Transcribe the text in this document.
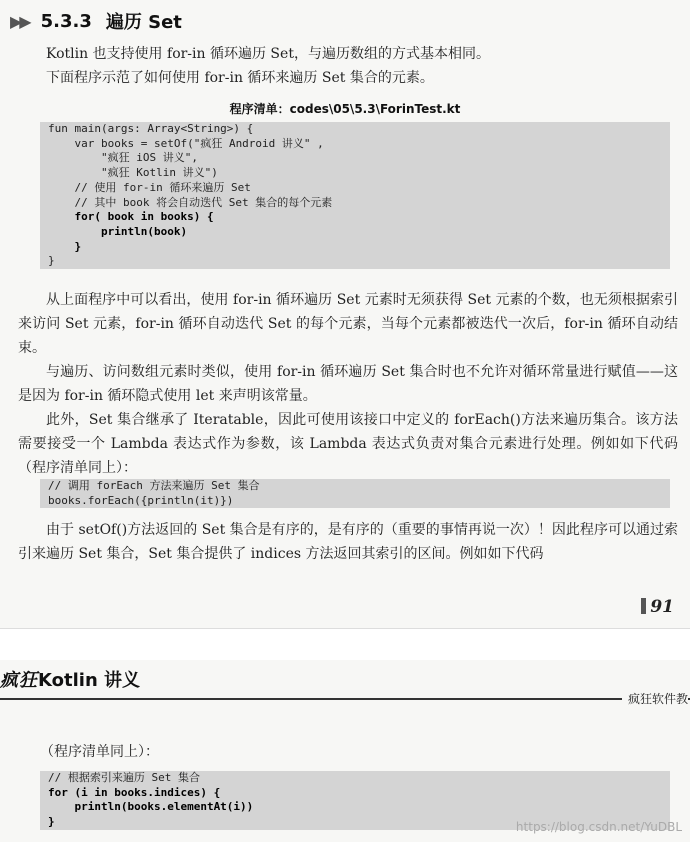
▶▶ 5.3.3 遍历 Set

Kotlin 也支持使用 for-in 循环遍历 Set，与遍历数组的方式基本相同。

下面程序示范了如何使用 for-in 循环来遍历 Set 集合的元素。

程序清单：codes\05\5.3\ForinTest.kt
fun main(args: Array<String>) {
var books = setOf("疯狂 Android 讲义" ,
"疯狂 iOS 讲义",
"疯狂 Kotlin 讲义")
// 使用 for-in 循环来遍历 Set
// 其中 book 将会自动迭代 Set 集合的每个元素
for( book in books) {
println(book)
}
}

从上面程序中可以看出，使用 for-in 循环遍历 Set 元素时无须获得 Set 元素的个数，也无须根据索引来访问 Set 元素，for-in 循环自动迭代 Set 的每个元素，当每个元素都被迭代一次后，for-in 循环自动结束。

与遍历、访问数组元素时类似，使用 for-in 循环遍历 Set 集合时也不允许对循环常量进行赋值——这是因为 for-in 循环隐式使用 let 来声明该常量。

此外，Set 集合继承了 Iteratable，因此可使用该接口中定义的 forEach()方法来遍历集合。该方法需要接受一个 Lambda 表达式作为参数，该 Lambda 表达式负责对集合元素进行处理。例如如下代码（程序清单同上）：

// 调用 forEach 方法来遍历 Set 集合
books.forEach({println(it)})

由于 setOf()方法返回的 Set 集合是有序的，是有序的（重要的事情再说一次）！因此程序可以通过索引来遍历 Set 集合，Set 集合提供了 indices 方法返回其索引的区间。例如如下代码

91
疯狂Kotlin 讲义
疯狂软件教

（程序清单同上）：

// 根据索引来遍历 Set 集合
for (i in books.indices) {
println(books.elementAt(i))
}	https://blog.csdn.net/YuDBL
